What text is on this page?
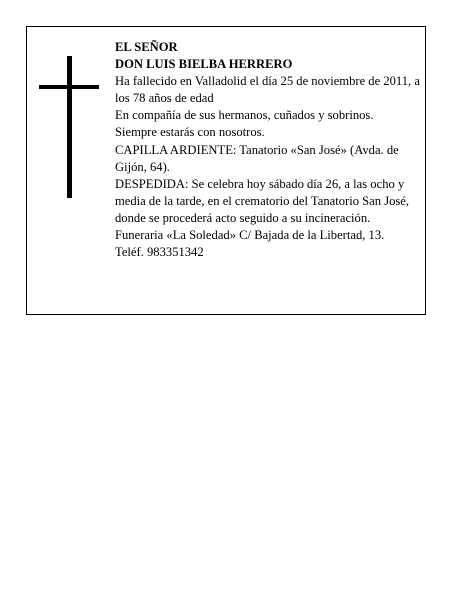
EL SEÑOR

DON LUIS BIELBA HERRERO

Ha fallecido en Valladolid el día 25 de noviembre de 2011, a los 78 años de edad

En compañía de sus hermanos, cuñados y sobrinos.

Siempre estarás con nosotros.

CAPILLA ARDIENTE: Tanatorio «San José» (Avda. de Gijón, 64).

DESPEDIDA: Se celebra hoy sábado día 26, a las ocho y media de la tarde, en el crematorio del Tanatorio San José, donde se procederá acto seguido a su incineración.

Funeraria «La Soledad» C/ Bajada de la Libertad, 13.

Teléf. 983351342
